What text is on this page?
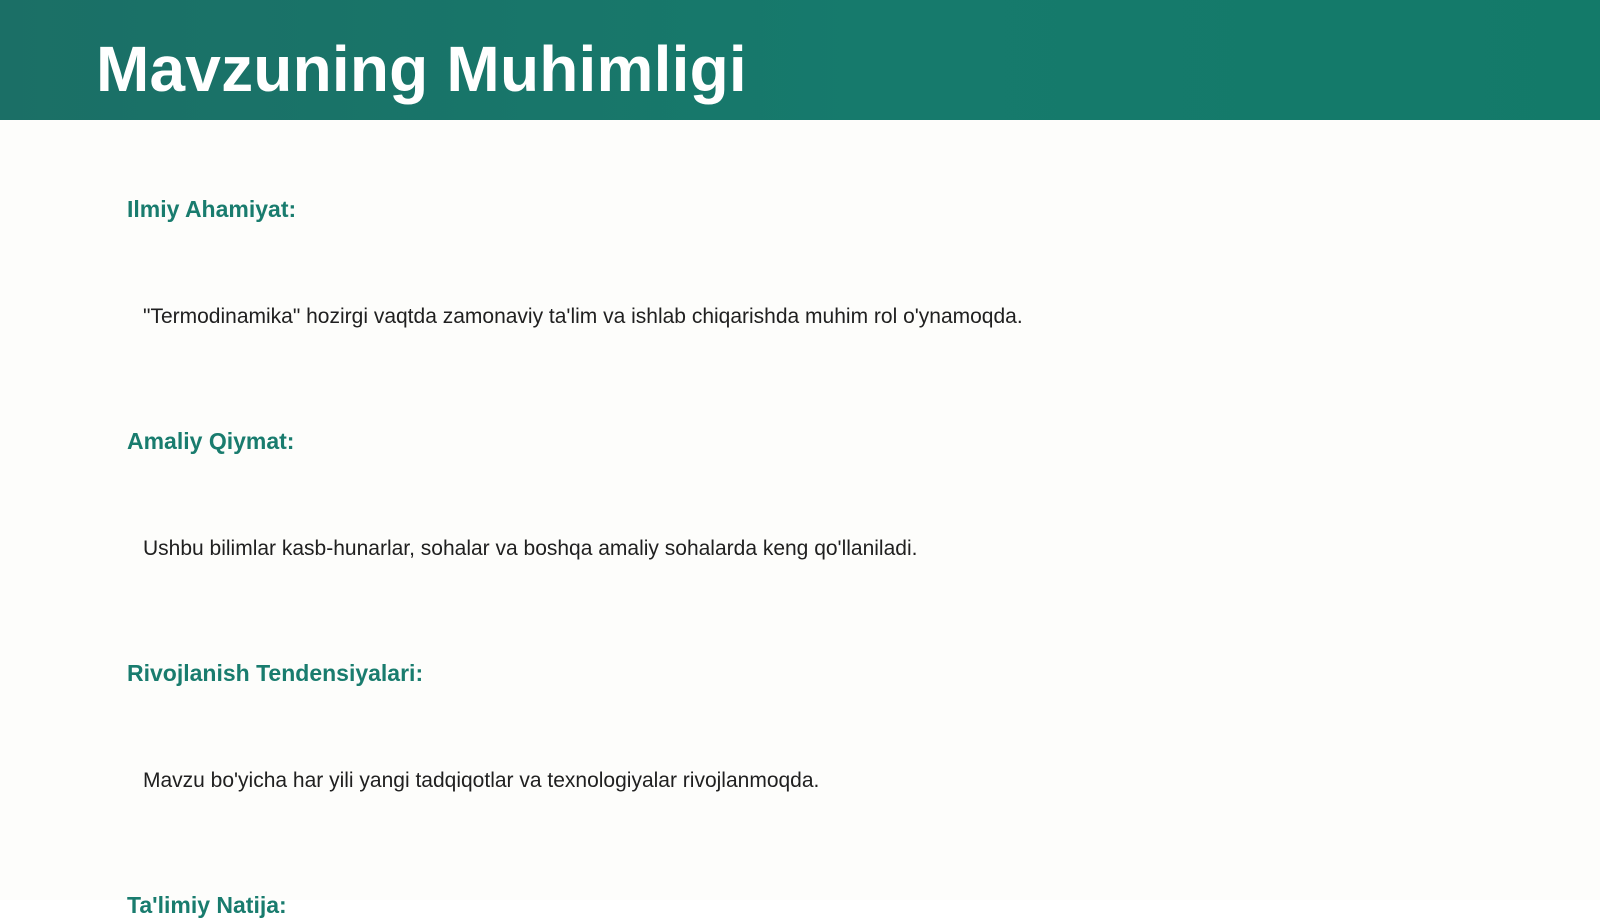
Mavzuning Muhimligi
Ilmiy Ahamiyat:

"Termodinamika" hozirgi vaqtda zamonaviy ta'lim va ishlab chiqarishda muhim rol o'ynamoqda.

Amaliy Qiymat:

Ushbu bilimlar kasb-hunarlar, sohalar va boshqa amaliy sohalarda keng qo'llaniladi.

Rivojlanish Tendensiyalari:

Mavzu bo'yicha har yili yangi tadqiqotlar va texnologiyalar rivojlanmoqda.

Ta'limiy Natija:
